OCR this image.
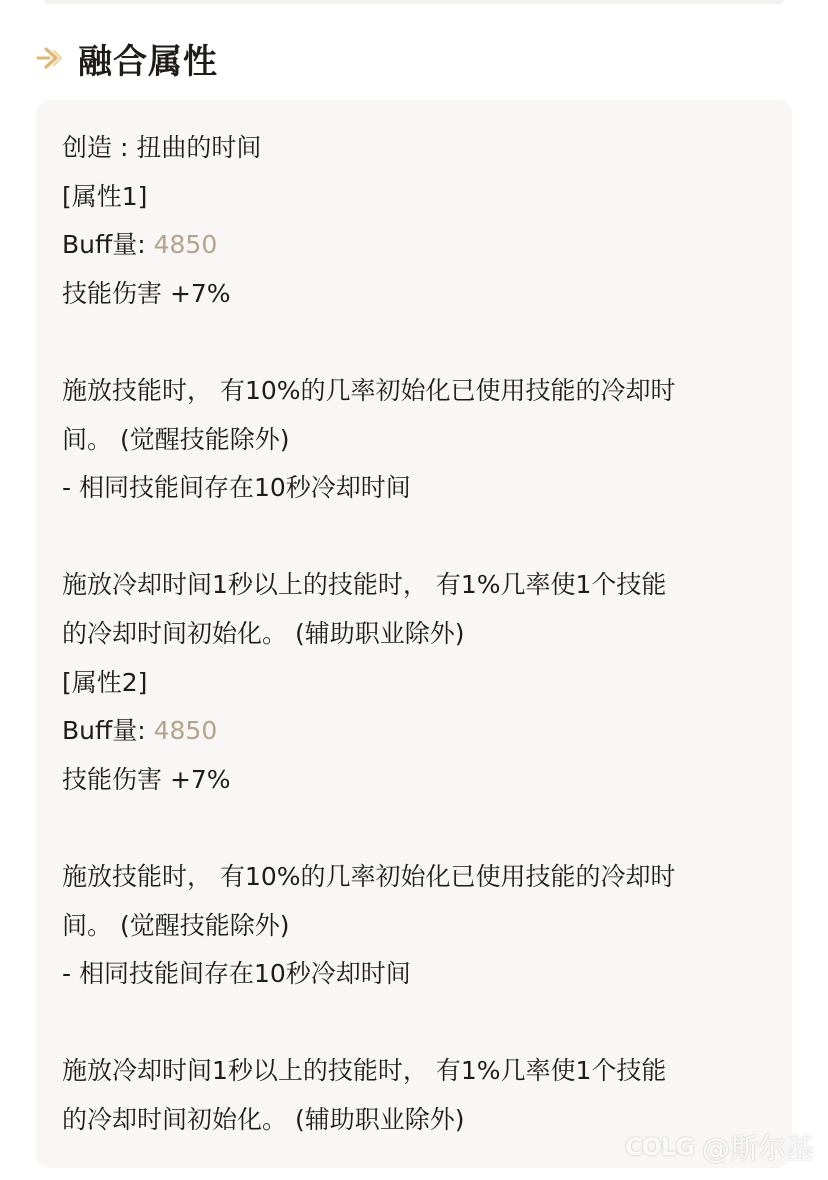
融合属性
创造 : 扭曲的时间
[属性1]
Buff量: 4850
技能伤害 +7%
施放技能时， 有10%的几率初始化已使用技能的冷却时
间。 (觉醒技能除外)
- 相同技能间存在10秒冷却时间
施放冷却时间1秒以上的技能时， 有1%几率使1个技能
的冷却时间初始化。 (辅助职业除外)
[属性2]
Buff量: 4850
技能伤害 +7%
施放技能时， 有10%的几率初始化已使用技能的冷却时
间。 (觉醒技能除外)
- 相同技能间存在10秒冷却时间
施放冷却时间1秒以上的技能时， 有1%几率使1个技能
的冷却时间初始化。 (辅助职业除外)
COLG @斯尔基
